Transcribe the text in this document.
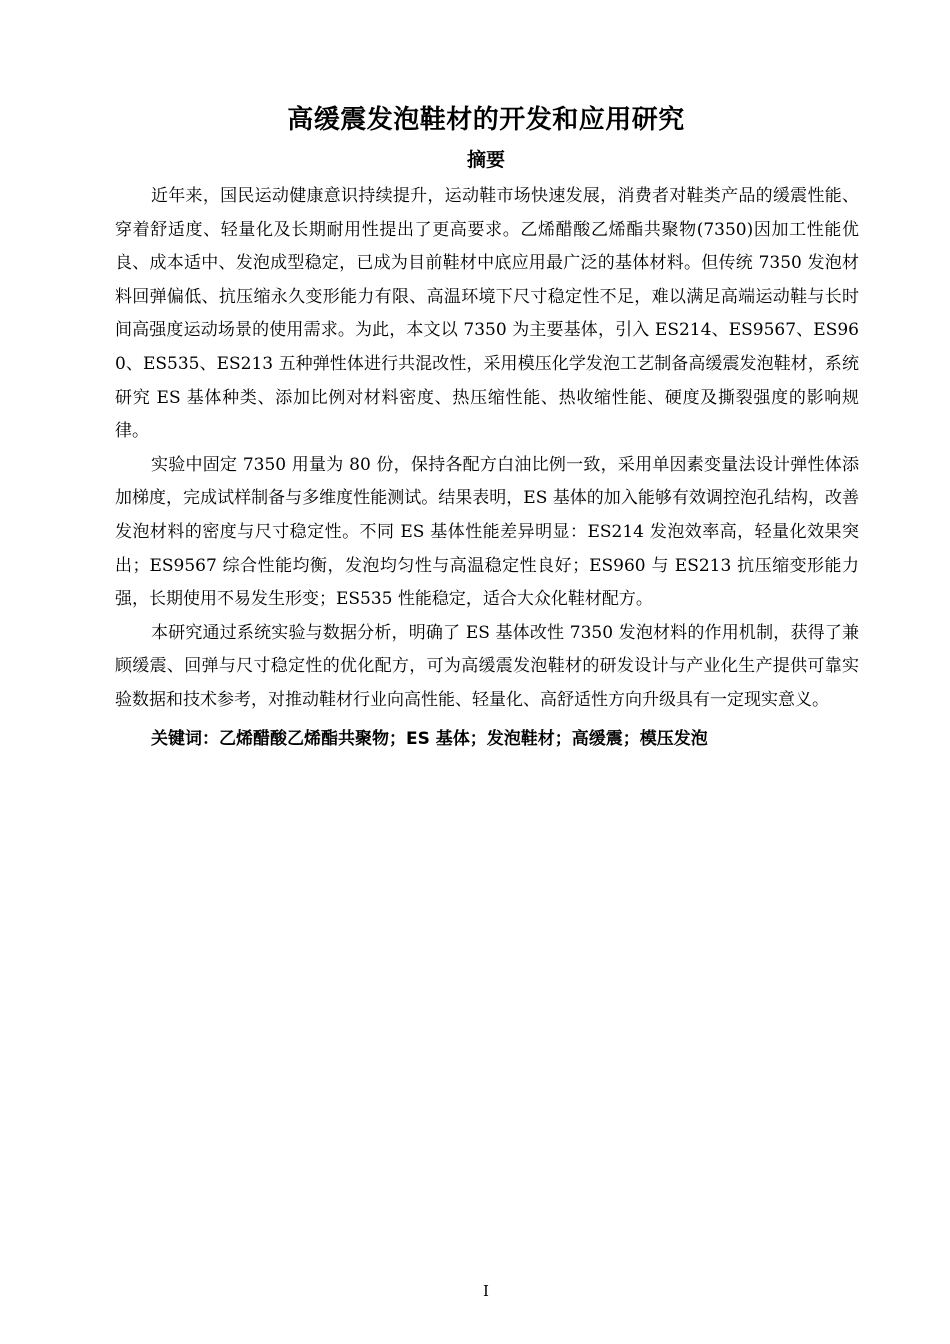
高缓震发泡鞋材的开发和应用研究
摘要

近年来，国民运动健康意识持续提升，运动鞋市场快速发展，消费者对鞋类产品的缓震性能、穿着舒适度、轻量化及长期耐用性提出了更高要求。乙烯醋酸乙烯酯共聚物(7350)因加工性能优良、成本适中、发泡成型稳定，已成为目前鞋材中底应用最广泛的基体材料。但传统 7350 发泡材料回弹偏低、抗压缩永久变形能力有限、高温环境下尺寸稳定性不足，难以满足高端运动鞋与长时间高强度运动场景的使用需求。为此，本文以 7350 为主要基体，引入 ES214、ES9567、ES960、ES535、ES213 五种弹性体进行共混改性，采用模压化学发泡工艺制备高缓震发泡鞋材，系统研究 ES 基体种类、添加比例对材料密度、热压缩性能、热收缩性能、硬度及撕裂强度的影响规律。

实验中固定 7350 用量为 80 份，保持各配方白油比例一致，采用单因素变量法设计弹性体添加梯度，完成试样制备与多维度性能测试。结果表明，ES 基体的加入能够有效调控泡孔结构，改善发泡材料的密度与尺寸稳定性。不同 ES 基体性能差异明显：ES214 发泡效率高，轻量化效果突出；ES9567 综合性能均衡，发泡均匀性与高温稳定性良好；ES960 与 ES213 抗压缩变形能力强，长期使用不易发生形变；ES535 性能稳定，适合大众化鞋材配方。

本研究通过系统实验与数据分析，明确了 ES 基体改性 7350 发泡材料的作用机制，获得了兼顾缓震、回弹与尺寸稳定性的优化配方，可为高缓震发泡鞋材的研发设计与产业化生产提供可靠实验数据和技术参考，对推动鞋材行业向高性能、轻量化、高舒适性方向升级具有一定现实意义。

关键词：乙烯醋酸乙烯酯共聚物；ES 基体；发泡鞋材；高缓震；模压发泡

I
